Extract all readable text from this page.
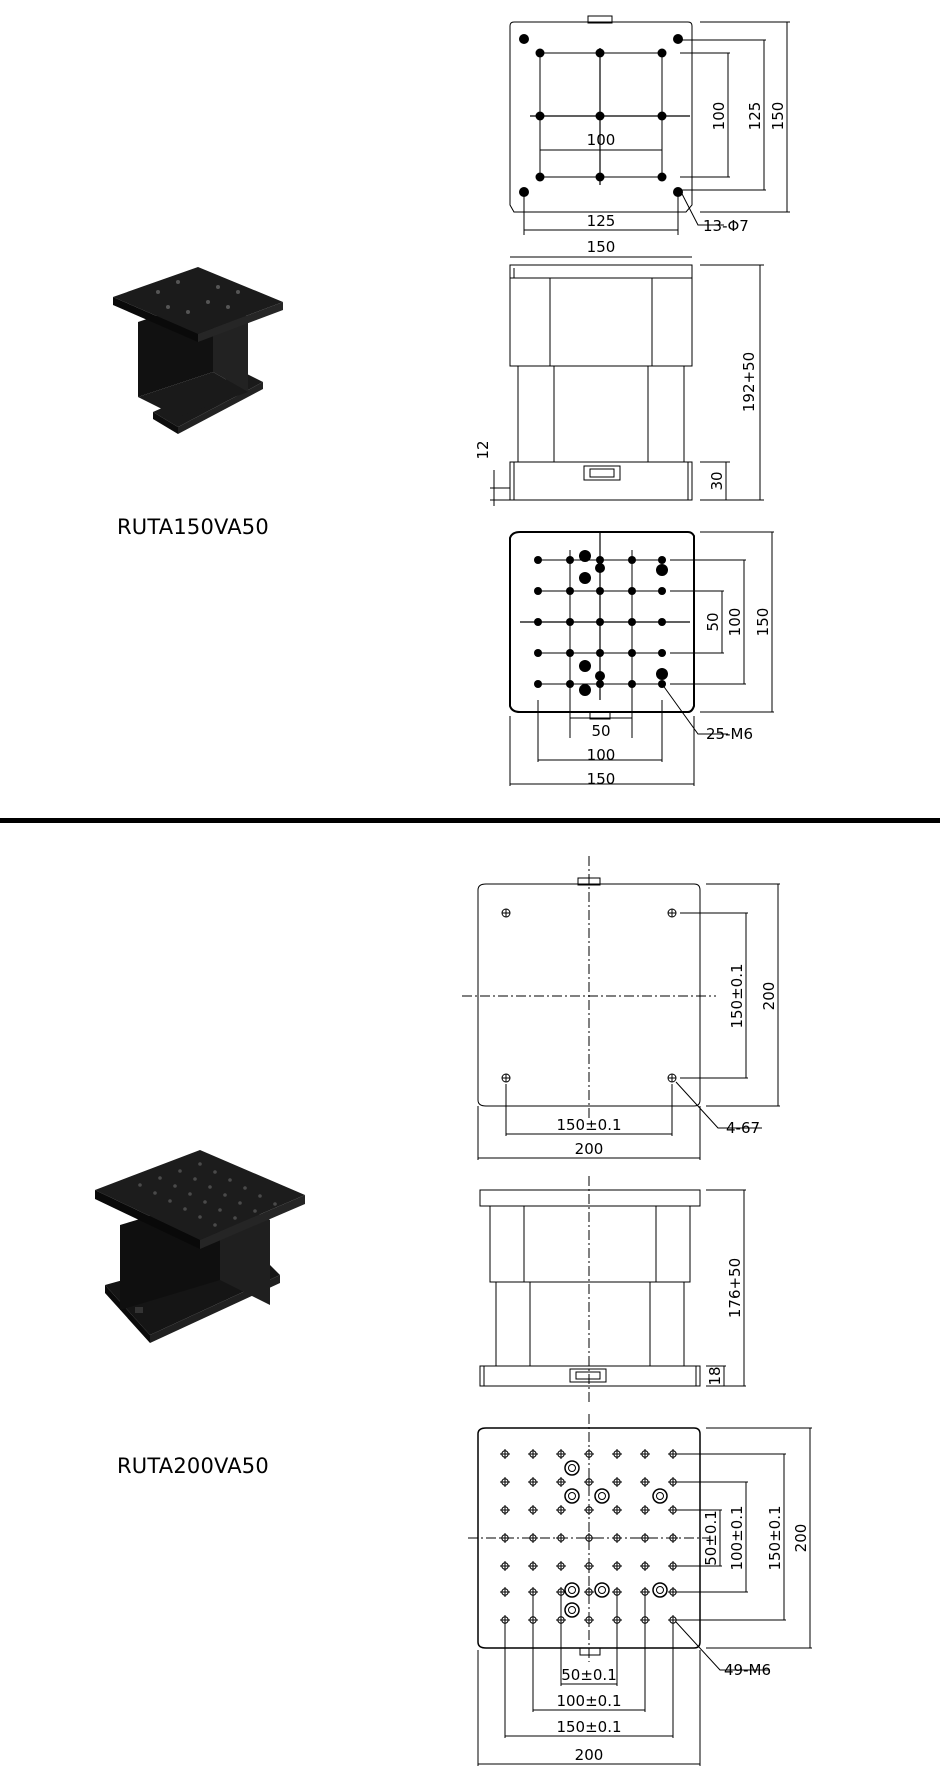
RUTA150VA50
RUTA200VA50
100 125 150
100
125
150
13-Φ7
192+50
30
12
50 100 150
50
100
150
25-M6
150±0.1 200
150±0.1
200
4-67
176+50
18
50±0.1 100±0.1 150±0.1 200
50±0.1
100±0.1
150±0.1
200
49-M6
